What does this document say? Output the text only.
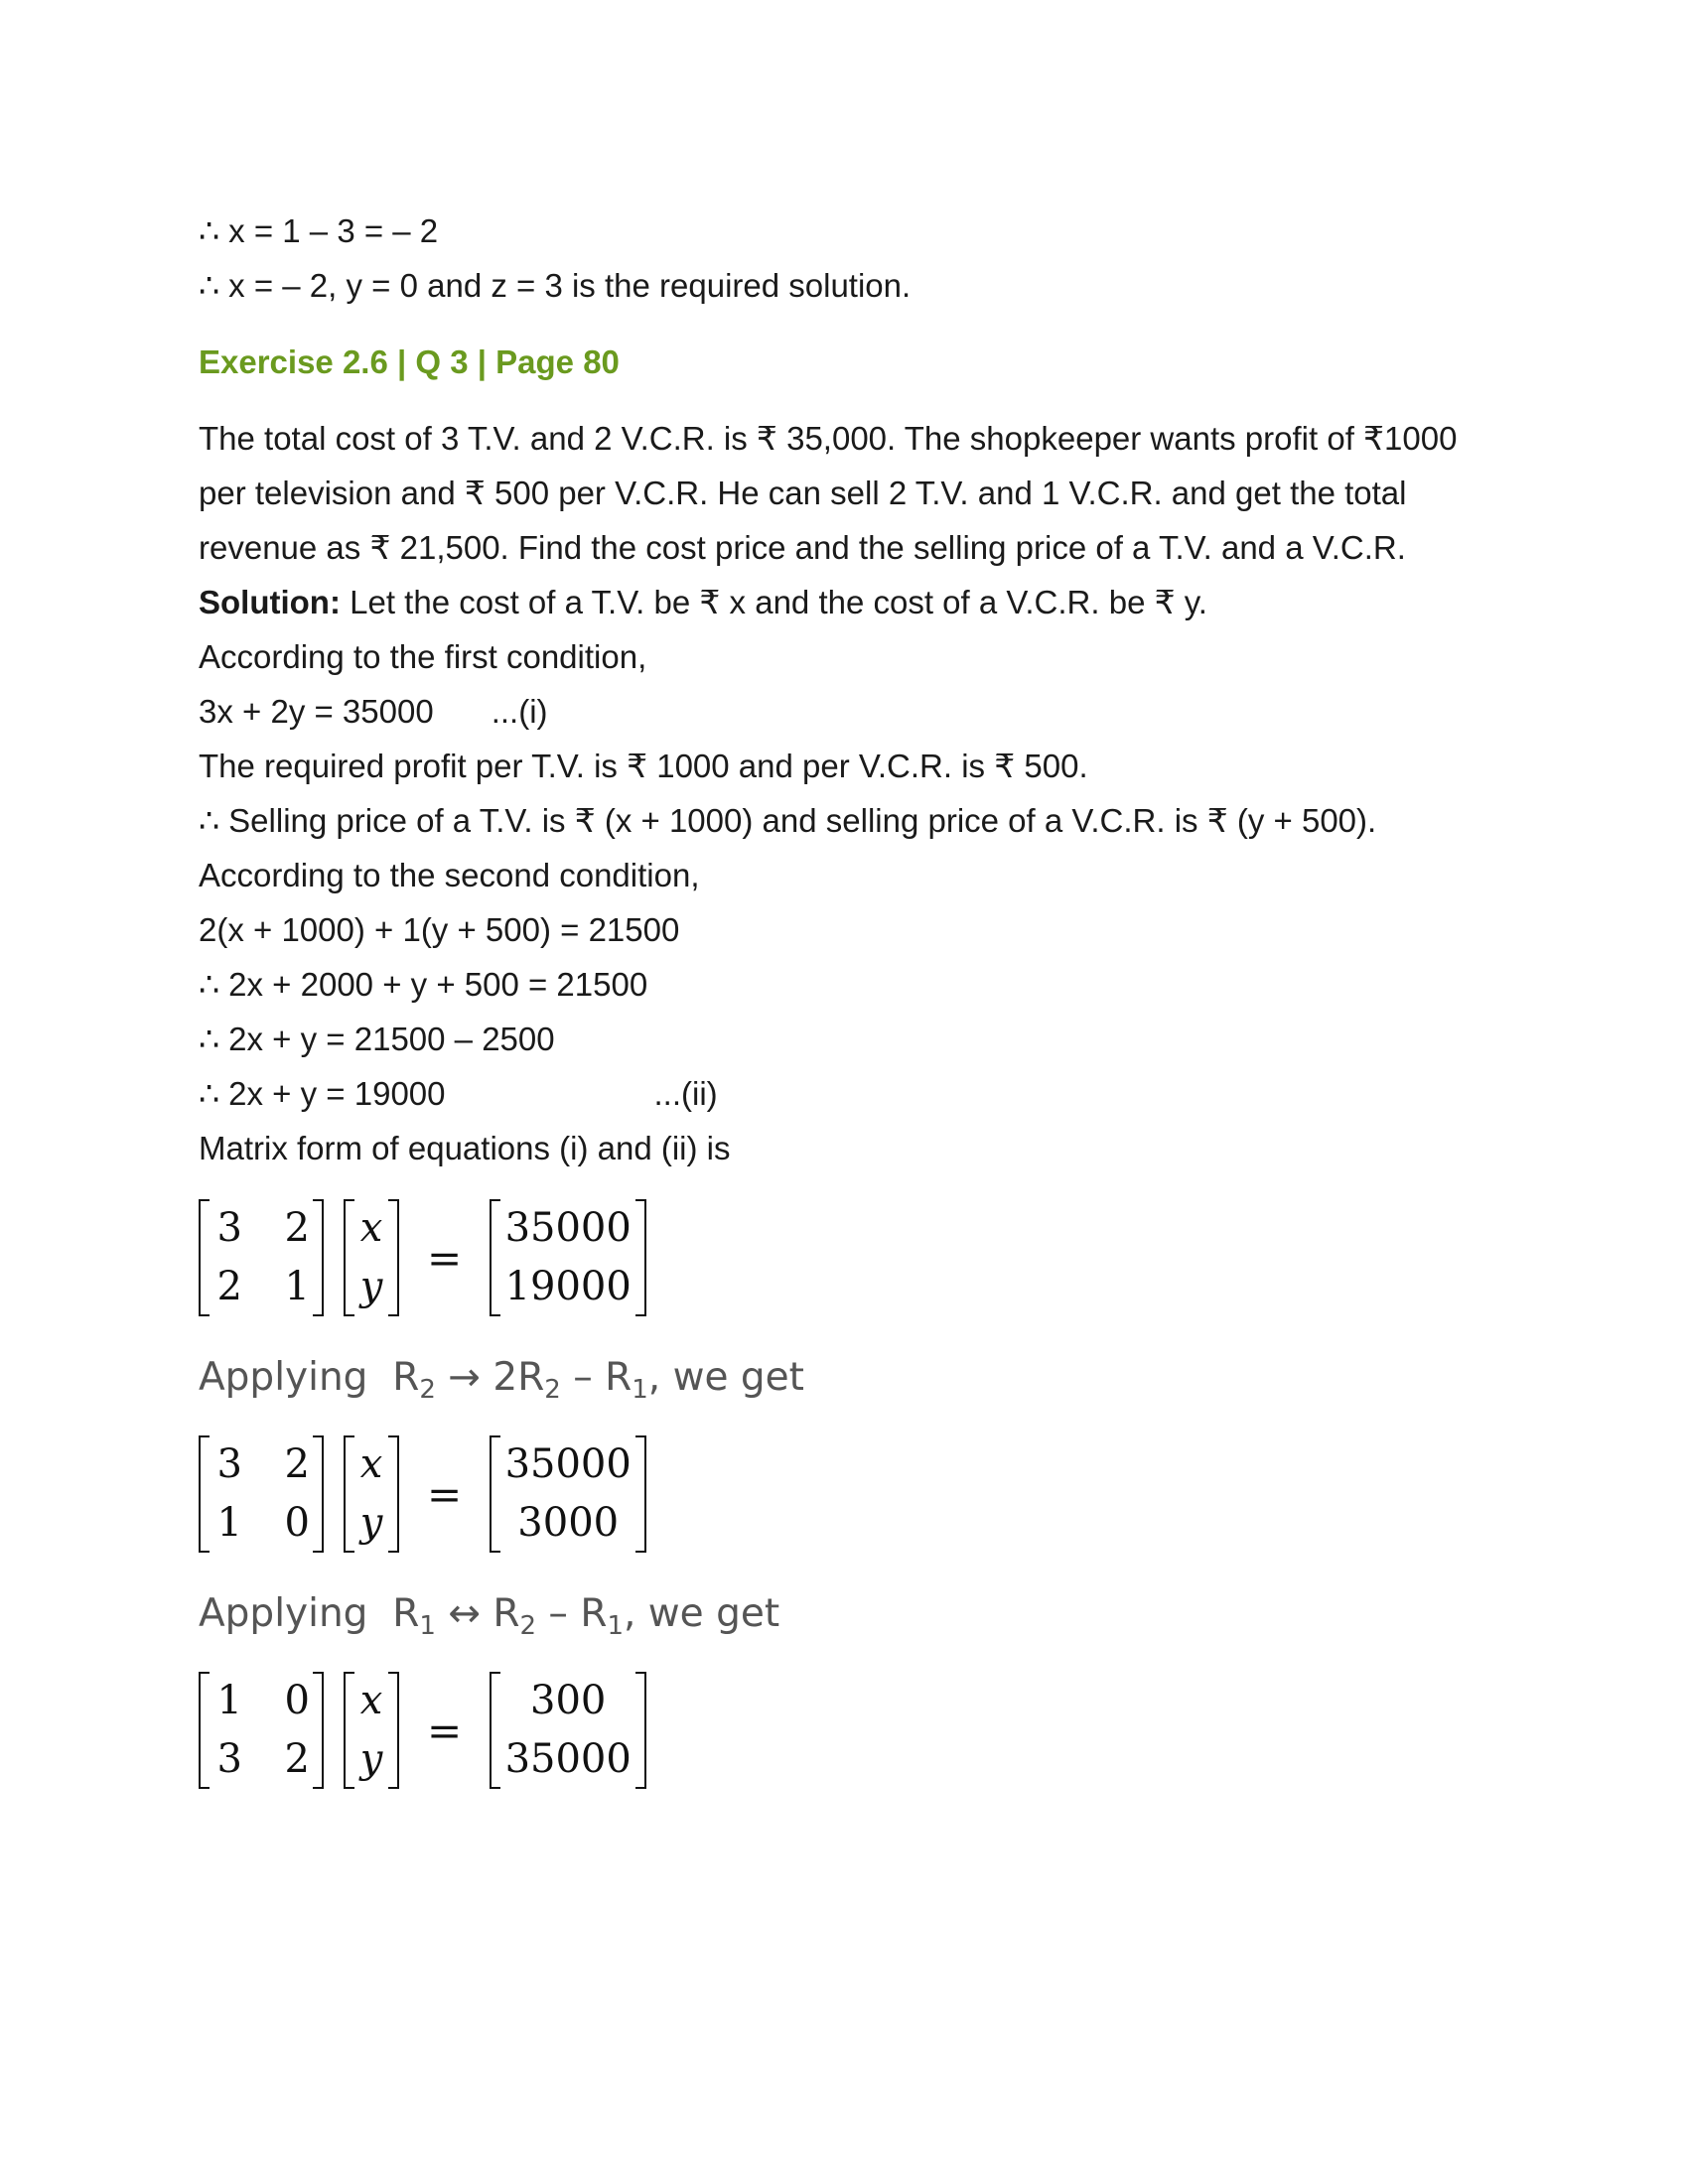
∴ x = 1 – 3 = – 2
∴ x = – 2, y = 0 and z = 3 is the required solution.
Exercise 2.6 | Q 3 | Page 80
The total cost of 3 T.V. and 2 V.C.R. is ₹ 35,000. The shopkeeper wants profit of ₹1000
per television and ₹ 500 per V.C.R. He can sell 2 T.V. and 1 V.C.R. and get the total
revenue as ₹ 21,500. Find the cost price and the selling price of a T.V. and a V.C.R.
Solution: Let the cost of a T.V. be ₹ x and the cost of a V.C.R. be ₹ y.
According to the first condition,
3x + 2y = 35000 ...(i)
The required profit per T.V. is ₹ 1000 and per V.C.R. is ₹ 500.
∴ Selling price of a T.V. is ₹ (x + 1000) and selling price of a V.C.R. is ₹ (y + 500).
According to the second condition,
2(x + 1000) + 1(y + 500) = 21500
∴ 2x + 2000 + y + 500 = 21500
∴ 2x + y = 21500 – 2500
∴ 2x + y = 19000	...(ii)
Matrix form of equations (i) and (ii) is
3 2
2 1
x
y
=
35000
19000
Applying $R_2 \to 2R_2 - R_1$, we get
3 2
1 0
x
y
=
35000
3000
Applying $R_1$ ↔ $R_2 - R_1$, we get
1 0
3 2
x
y
=
300
35000
